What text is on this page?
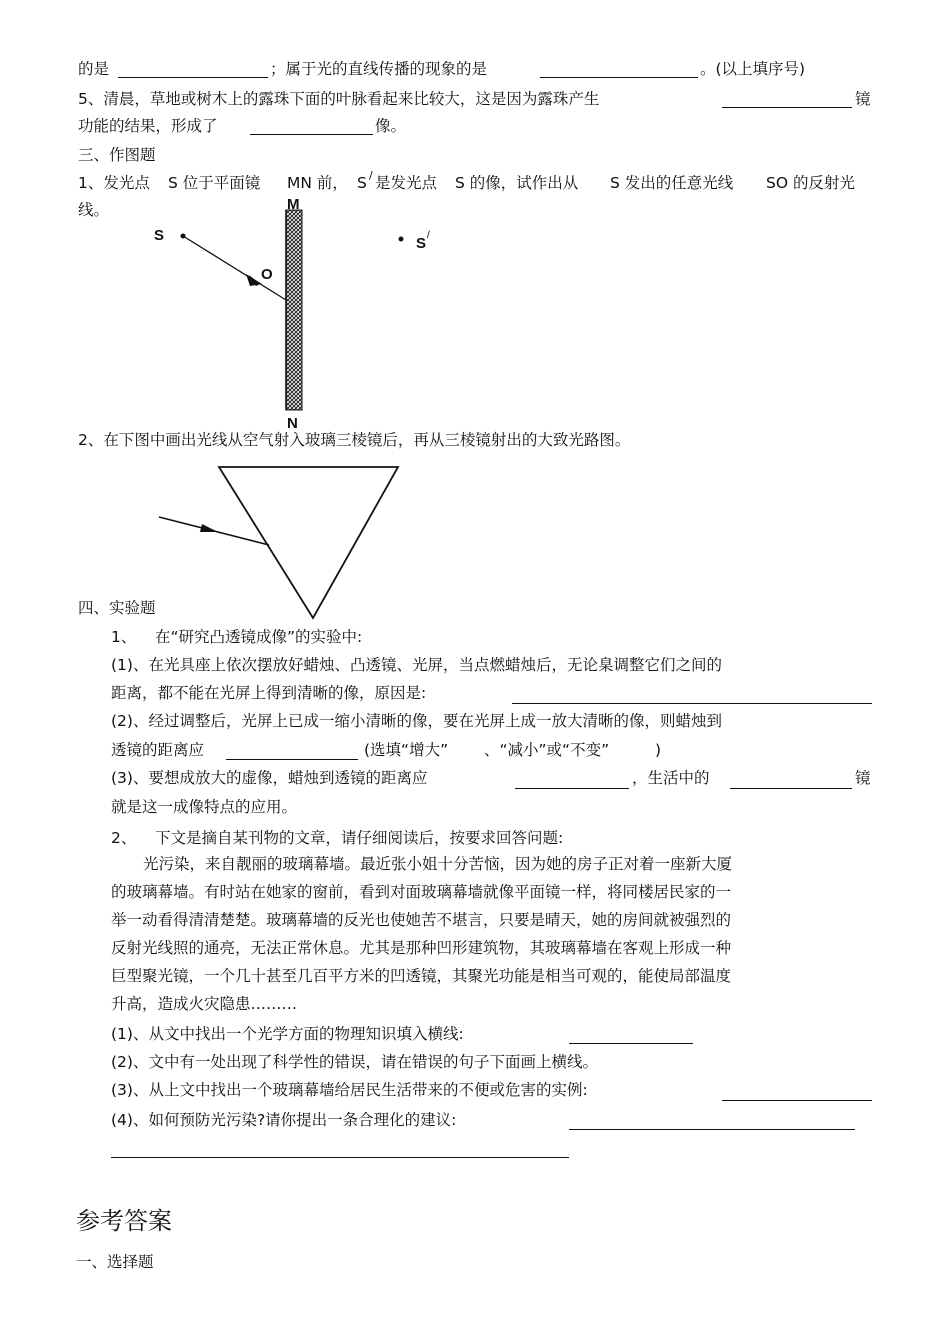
的是	；属于光的直线传播的现象的是	。(以上填序号)
5、清晨，草地或树木上的露珠下面的叶脉看起来比较大，这是因为露珠产生	镜
功能的结果，形成了	像。
三、作图题
1、发光点 S 位于平面镜 MN 前， S / 是发光点 S 的像，试作出从 S 发出的任意光线 SO 的反射光
线。
S
O
M
N
S /
2、在下图中画出光线从空气射入玻璃三棱镜后，再从三棱镜射出的大致光路图。
四、实验题
1、 在“研究凸透镜成像”的实验中:
(1)、在光具座上依次摆放好蜡烛、凸透镜、光屏，当点燃蜡烛后，无论臬调整它们之间的
距离，都不能在光屏上得到清晰的像，原因是:
(2)、经过调整后，光屏上已成一缩小清晰的像，要在光屏上成一放大清晰的像，则蜡烛到
透镜的距离应	(选填“增大” 、“减小”或“不变”	)
(3)、要想成放大的虚像，蜡烛到透镜的距离应	，生活中的	镜
就是这一成像特点的应用。
2、 下文是摘自某刊物的文章，请仔细阅读后，按要求回答问题:
光污染，来自靓丽的玻璃幕墙。最近张小姐十分苦恼，因为她的房子正对着一座新大厦
的玻璃幕墙。有时站在她家的窗前，看到对面玻璃幕墙就像平面镜一样，将同楼居民家的一
举一动看得清清楚楚。玻璃幕墙的反光也使她苦不堪言，只要是晴天，她的房间就被强烈的
反射光线照的通亮，无法正常休息。尤其是那种凹形建筑物，其玻璃幕墙在客观上形成一种
巨型聚光镜，一个几十甚至几百平方米的凹透镜，其聚光功能是相当可观的，能使局部温度
升高，造成火灾隐患………
(1)、从文中找出一个光学方面的物理知识填入横线:
(2)、文中有一处出现了科学性的错误，请在错误的句子下面画上横线。
(3)、从上文中找出一个玻璃幕墙给居民生活带来的不便或危害的实例:
(4)、如何预防光污染?请你提出一条合理化的建议:
参考答案
一、选择题
